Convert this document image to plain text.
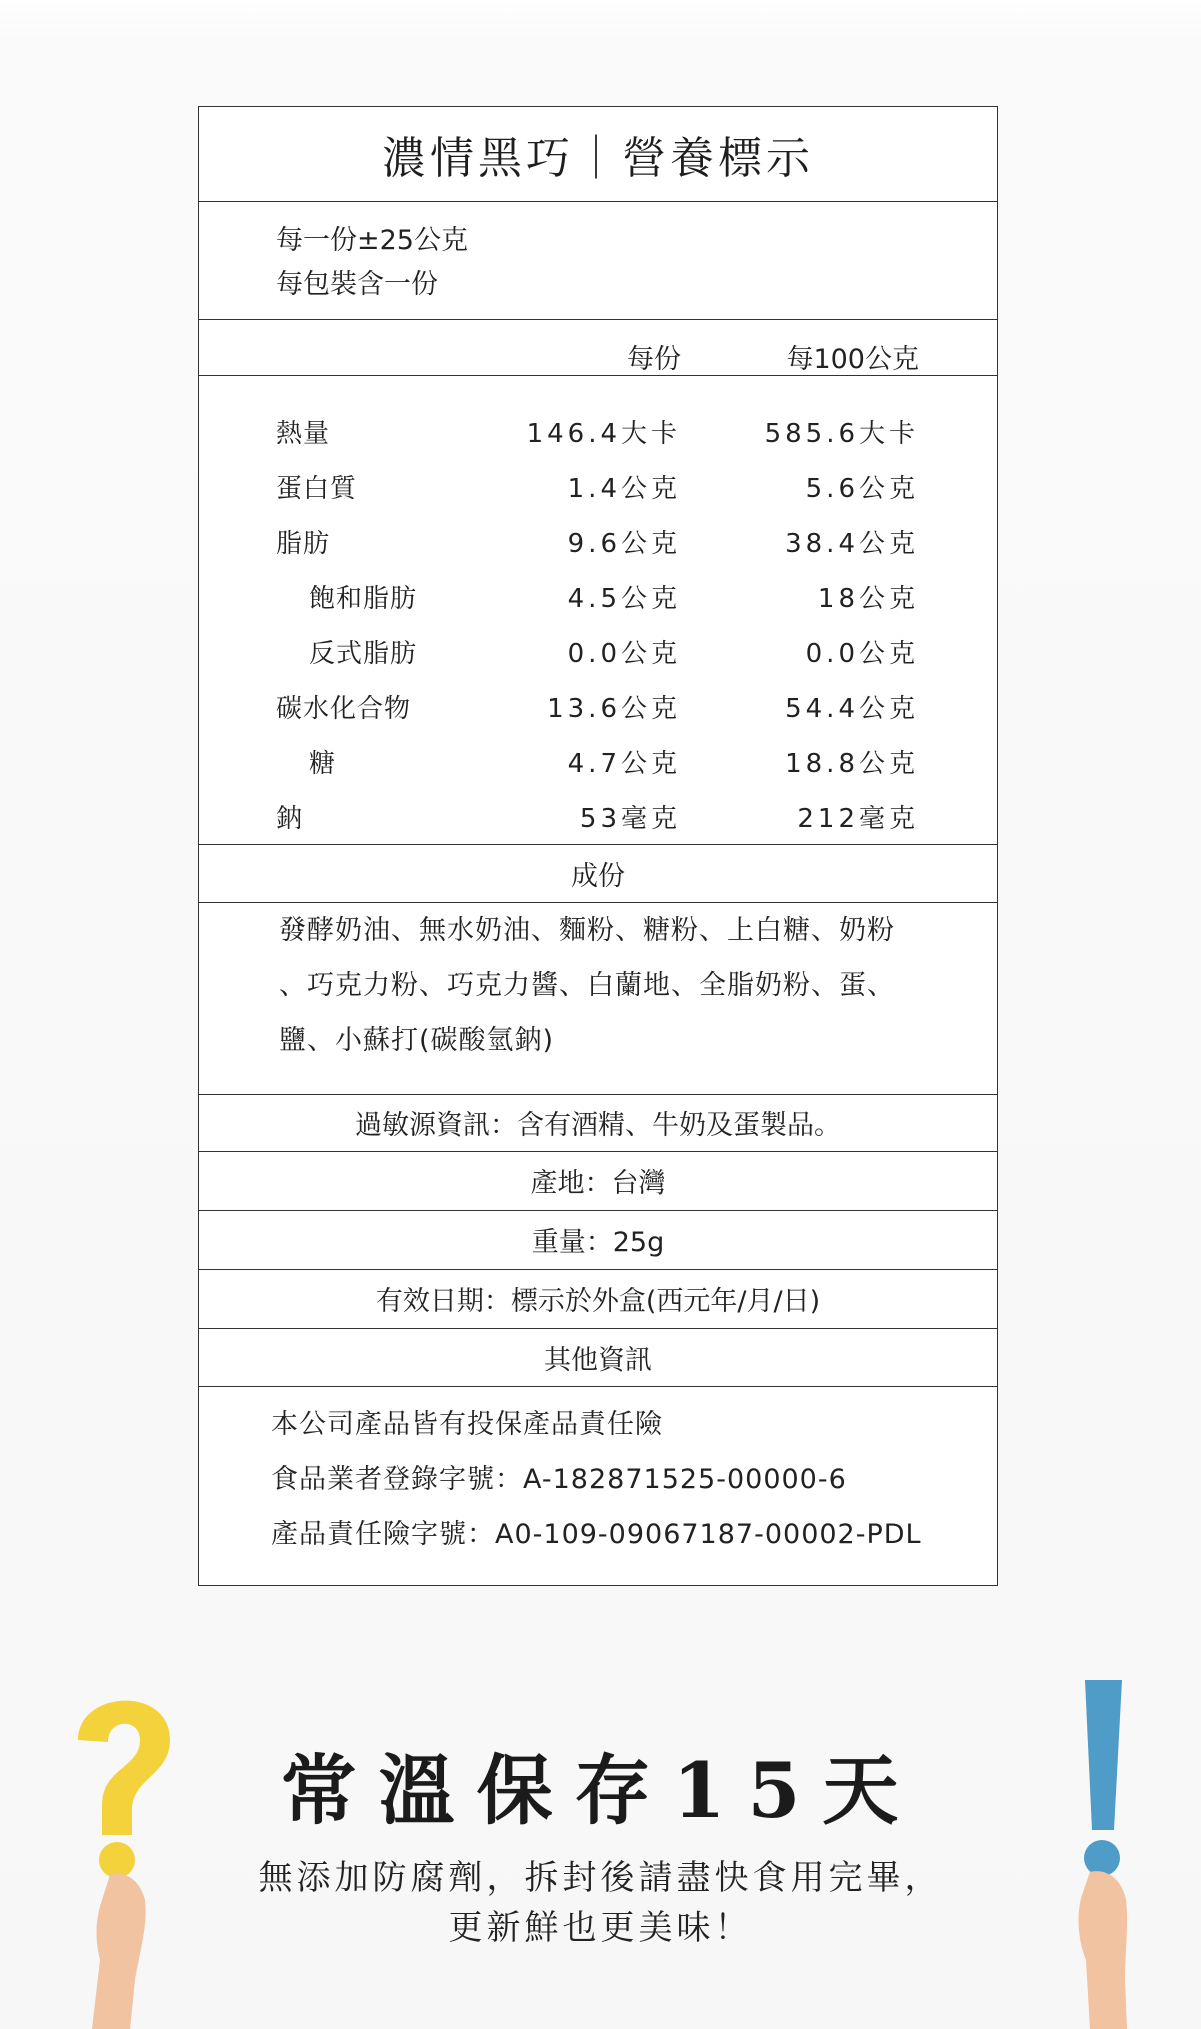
濃情黑巧｜營養標示
每一份±25公克
每包裝含一份
每份	每100公克
熱量	146.4大卡	585.6大卡
蛋白質	1.4公克	5.6公克
脂肪	9.6公克	38.4公克
飽和脂肪	4.5公克	18公克
反式脂肪	0.0公克	0.0公克
碳水化合物	13.6公克	54.4公克
糖	4.7公克	18.8公克
鈉	53毫克	212毫克
成份
發酵奶油、無水奶油、麵粉、糖粉、上白糖、奶粉
、巧克力粉、巧克力醬、白蘭地、全脂奶粉、蛋、
鹽、小蘇打(碳酸氫鈉)
過敏源資訊：含有酒精、牛奶及蛋製品。
產地：台灣
重量：25g
有效日期：標示於外盒(西元年/月/日)
其他資訊
本公司產品皆有投保產品責任險
食品業者登錄字號：A-182871525-00000-6
產品責任險字號：A0-109-09067187-00002-PDL
常溫保存15天
無添加防腐劑，拆封後請盡快食用完畢，
更新鮮也更美味！
